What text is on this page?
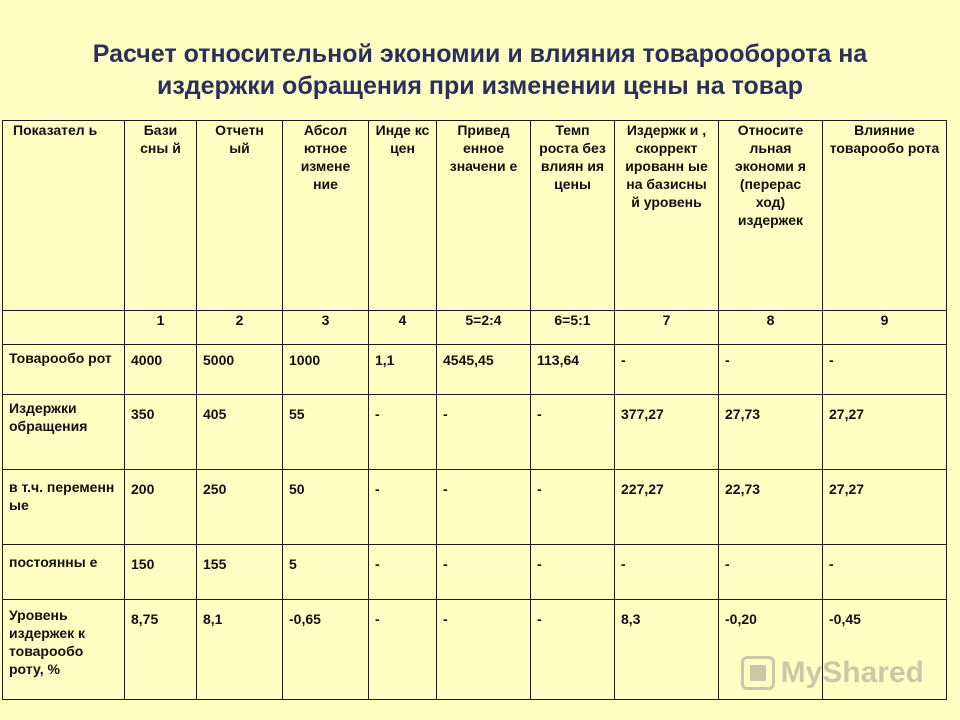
Расчет относительной экономии и влияния товарооборота на
издержки обращения при изменении цены на товар
Показател ь	Бази сны й	Отчетн ый	Абсол ютное измене ние	Инде кс цен	Привед енное значени е	Темп роста без влиян ия цены	Издержк и , скоррект ированн ые на базисны й уровень	Относите льная экономи я (перерас ход) издержек	Влияние товарообо рота
	1	2	3	4	5=2:4	6=5:1	7	8	9
Товарообо рот	4000	5000	1000	1,1	4545,45	113,64	-	-	-
Издержки обращения	350	405	55	-	-	-	377,27	27,73	27,27
в т.ч. переменн ые	200	250	50	-	-	-	227,27	22,73	27,27
постоянны е	150	155	5	-	-	-	-	-	-
Уровень издержек к товарообо роту, %	8,75	8,1	-0,65	-	-	-	8,3	-0,20	-0,45
MyShared
